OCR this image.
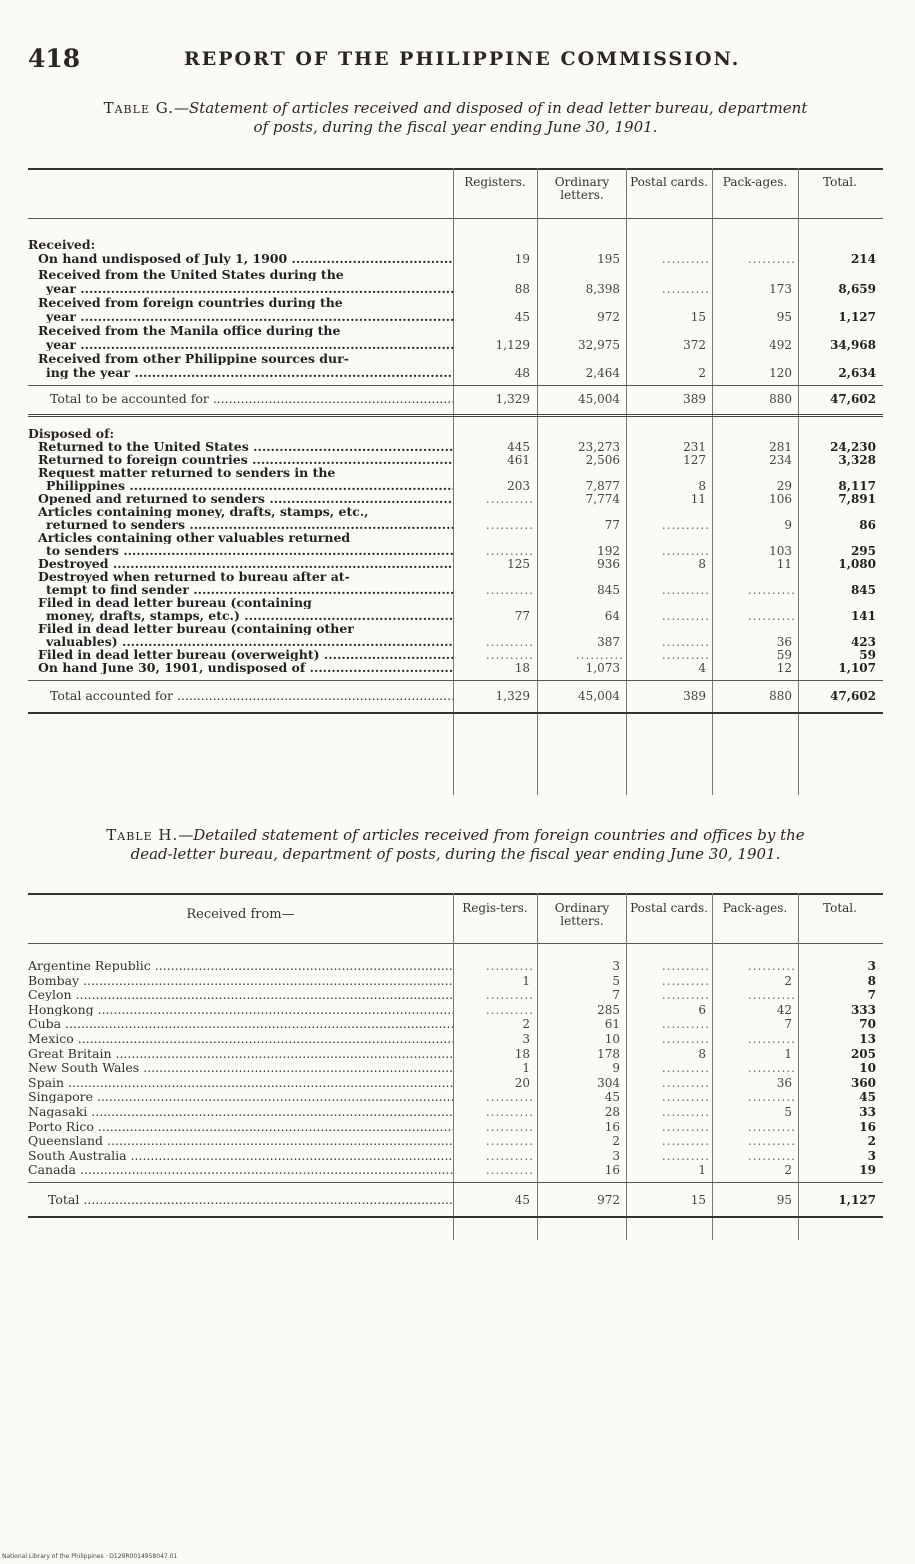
418	REPORT OF THE PHILIPPINE COMMISSION.
Table G.—Statement of articles received and disposed of in dead letter bureau, department
of posts, during the fiscal year ending June 30, 1901.
Table H.—Detailed statement of articles received from foreign countries and offices by the
dead-letter bureau, department of posts, during the fiscal year ending June 30, 1901.
National Library of the Philippines · D129R0014958047.01
Registers.	Ordinary letters.
Postal cards.	Pack-​ages.	Total.
Received:
On hand undisposed of July 1, 1900 .....	19	195	..........	..........	214
Received from the United States during the
year .....	88	8,398	..........	173	8,659
Received from foreign countries during the
year .....	45	972	15	95	1,127
Received from the Manila office during the
year .....	1,129	32,975	372	492	34,968
Received from other Philippine sources dur-
ing the year .....	48	2,464	2	120	2,634
Total to be accounted for .....	1,329	45,004	389	880	47,602
Disposed of:
Returned to the United States .....	445	23,273	231	281	24,230
Returned to foreign countries .....	461	2,506	127	234	3,328
Request matter returned to senders in the
Philippines .....	203	7,877	8	29	8,117
Opened and returned to senders .....	..........	7,774	11	106	7,891
Articles containing money, drafts, stamps, etc.,
returned to senders .....	..........	77	..........	9	86
Articles containing other valuables returned
to senders .....	..........	192	..........	103	295
Destroyed .....	125	936	8	11	1,080
Destroyed when returned to bureau after at-
tempt to find sender .....	..........	845	..........	..........	845
Filed in dead letter bureau (containing
money, drafts, stamps, etc.) .....	77	64	..........	..........	141
Filed in dead letter bureau (containing other
valuables) .....	..........	387	..........	36	423
Filed in dead letter bureau (overweight) .....	..........	..........	..........	59	59
On hand June 30, 1901, undisposed of .....	18	1,073	4	12	1,107
Total accounted for .....	1,329	45,004	389	880	47,602
Received from—	Regis-​ters.	Ordinary letters.
Postal cards.	Pack-​ages.	Total.
Argentine Republic .....	..........	3	..........	..........	3
Bombay .....	1	5	..........	2	8
Ceylon .....	..........	7	..........	..........	7
Hongkong .....	..........	285	6	42	333
Cuba .....	2	61	..........	7	70
Mexico .....	3	10	..........	..........	13
Great Britain .....	18	178	8	1	205
New South Wales .....	1	9	..........	..........	10
Spain .....	20	304	..........	36	360
Singapore .....	..........	45	..........	..........	45
Nagasaki .....	..........	28	..........	5	33
Porto Rico .....	..........	16	..........	..........	16
Queensland .....	..........	2	..........	..........	2
South Australia .....	..........	3	..........	..........	3
Canada .....	..........	16	1	2	19
Total .....	45	972	15	95	1,127
